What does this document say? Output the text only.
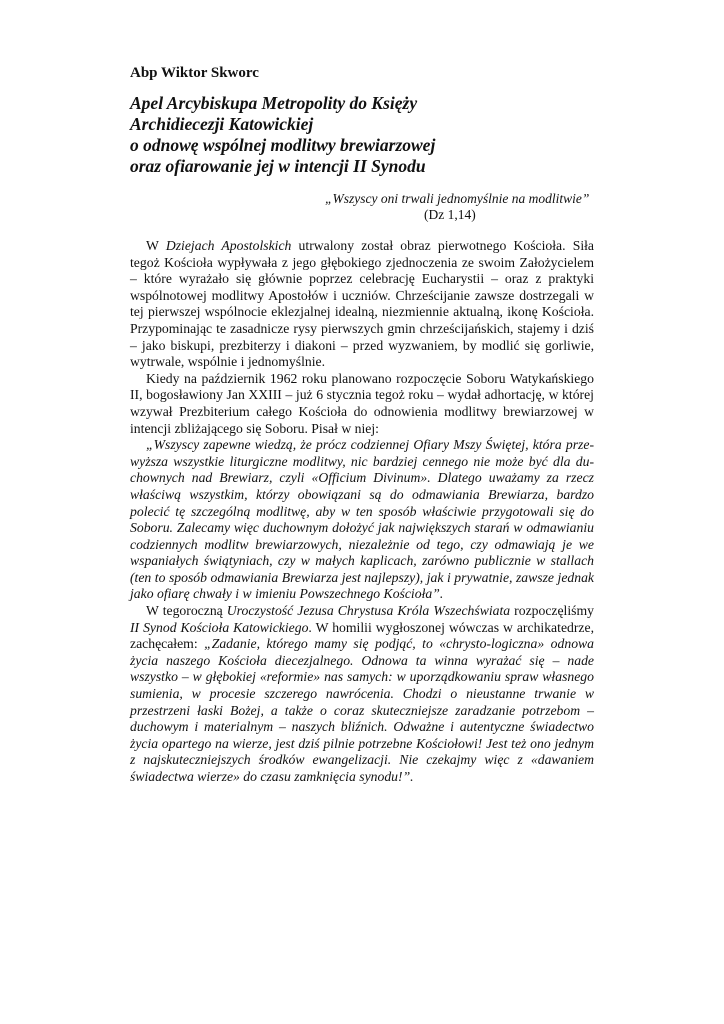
Abp Wiktor Skworc
Apel Arcybiskupa Metropolity do Księży
Archidiecezji Katowickiej
o odnowę wspólnej modlitwy brewiarzowej
oraz ofiarowanie jej w intencji II Synodu
„Wszyscy oni trwali jednomyślnie na modlitwie”
(Dz 1,14)

W Dziejach Apostolskich utrwalony został obraz pierwotnego Kościoła. Siła tegoż Kościoła wypływała z jego głębokiego zjednoczenia ze swoim Założycielem – które wyrażało się głównie poprzez celebrację Eucharystii – oraz z praktyki wspólnotowej modlitwy Apostołów i uczniów. Chrześcijanie zawsze dostrzegali w tej pierwszej wspólnocie eklezjalnej idealną, niezmiennie aktualną, ikonę Kościoła. Przypominając te zasadnicze rysy pierwszych gmin chrześcijańskich, stajemy i dziś – jako biskupi, prezbiterzy i diakoni – przed wyzwaniem, by modlić się gorliwie, wytrwale, wspólnie i jednomyślnie.

Kiedy na październik 1962 roku planowano rozpoczęcie Soboru Watykańskiego II, bogosławiony Jan XXIII – już 6 stycznia tegoż roku – wydał adhortację, w której wzywał Prezbiterium całego Kościoła do odnowienia modlitwy brewiarzowej w intencji zbliżającego się Soboru. Pisał w niej:

„Wszyscy zapewne wiedzą, że prócz codziennej Ofiary Mszy Świętej, która przewyższa wszystkie liturgiczne modlitwy, nic bardziej cennego nie może być dla duchownych nad Brewiarz, czyli «Officium Divinum». Dlatego uważamy za rzecz właściwą wszystkim, którzy obowiązani są do odmawiania Brewiarza, bardzo polecić tę szczególną modlitwę, aby w ten sposób właściwie przygotowali się do Soboru. Zalecamy więc duchownym dołożyć jak największych starań w odmawianiu codziennych modlitw brewiarzowych, niezależnie od tego, czy odmawiają je we wspaniałych świątyniach, czy w małych kaplicach, zarówno publicznie w stallach (ten to sposób odmawiania Brewiarza jest najlepszy), jak i prywatnie, zawsze jednak jako ofiarę chwały i w imieniu Powszechnego Kościoła”.

W tegoroczną Uroczystość Jezusa Chrystusa Króla Wszechświata rozpoczęliśmy II Synod Kościoła Katowickiego. W homilii wygłoszonej wówczas w archikatedrze, zachęcałem: „Zadanie, którego mamy się podjąć, to «chrysto-logiczna» odnowa życia naszego Kościoła diecezjalnego. Odnowa ta winna wyrażać się – nade wszystko – w głębokiej «reformie» nas samych: w uporządkowaniu spraw własnego sumienia, w procesie szczerego nawrócenia. Chodzi o nieustanne trwanie w przestrzeni łaski Bożej, a także o coraz skuteczniejsze zaradzanie potrzebom – duchowym i materialnym – naszych bliźnich. Odważne i autentyczne świadectwo życia opartego na wierze, jest dziś pilnie potrzebne Kościołowi! Jest też ono jednym z najskuteczniejszych środków ewangelizacji. Nie czekajmy więc z «dawaniem świadectwa wierze» do czasu zamknięcia synodu!”.
